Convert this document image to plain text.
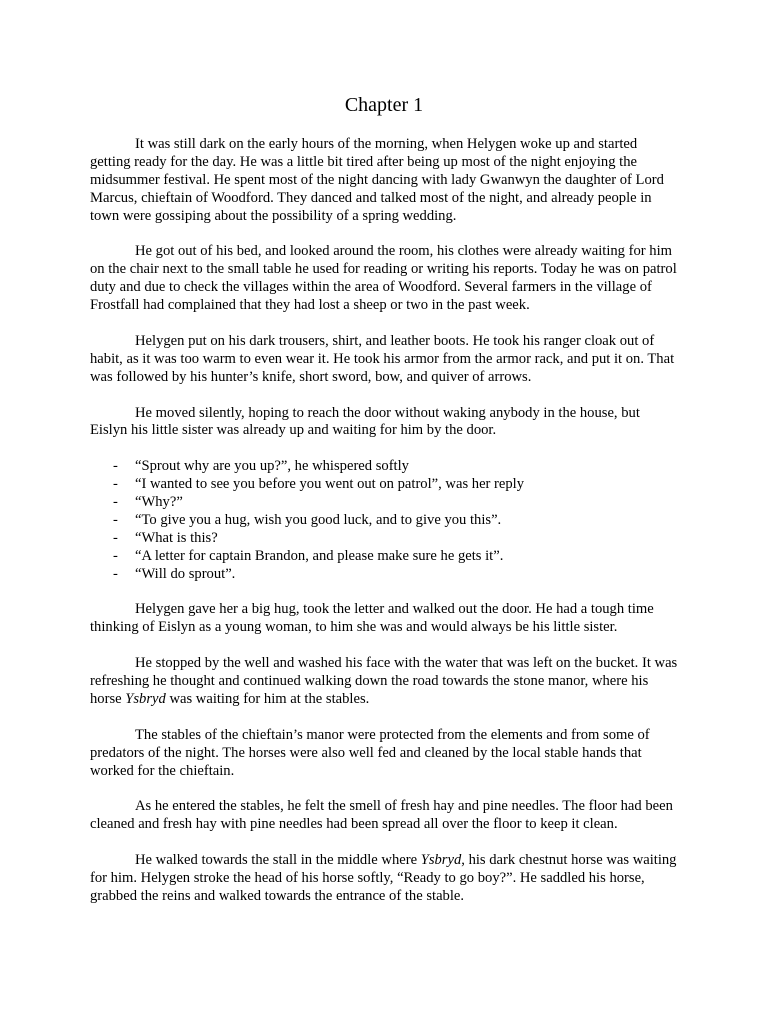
Chapter 1

It was still dark on the early hours of the morning, when Helygen woke up and started getting ready for the day. He was a little bit tired after being up most of the night enjoying the midsummer festival. He spent most of the night dancing with lady Gwanwyn the daughter of Lord Marcus, chieftain of Woodford. They danced and talked most of the night, and already people in town were gossiping about the possibility of a spring wedding.

He got out of his bed, and looked around the room, his clothes were already waiting for him on the chair next to the small table he used for reading or writing his reports. Today he was on patrol duty and due to check the villages within the area of Woodford. Several farmers in the village of Frostfall had complained that they had lost a sheep or two in the past week.

Helygen put on his dark trousers, shirt, and leather boots. He took his ranger cloak out of habit, as it was too warm to even wear it. He took his armor from the armor rack, and put it on. That was followed by his hunter’s knife, short sword, bow, and quiver of arrows.

He moved silently, hoping to reach the door without waking anybody in the house, but Eislyn his little sister was already up and waiting for him by the door.

- “Sprout why are you up?”, he whispered softly
- “I wanted to see you before you went out on patrol”, was her reply
- “Why?”
- “To give you a hug, wish you good luck, and to give you this”.
- “What is this?
- “A letter for captain Brandon, and please make sure he gets it”.
- “Will do sprout”.

Helygen gave her a big hug, took the letter and walked out the door. He had a tough time thinking of Eislyn as a young woman, to him she was and would always be his little sister.

He stopped by the well and washed his face with the water that was left on the bucket. It was refreshing he thought and continued walking down the road towards the stone manor, where his horse Ysbryd was waiting for him at the stables.

The stables of the chieftain’s manor were protected from the elements and from some of predators of the night. The horses were also well fed and cleaned by the local stable hands that worked for the chieftain.

As he entered the stables, he felt the smell of fresh hay and pine needles. The floor had been cleaned and fresh hay with pine needles had been spread all over the floor to keep it clean.

He walked towards the stall in the middle where Ysbryd, his dark chestnut horse was waiting for him. Helygen stroke the head of his horse softly, “Ready to go boy?”. He saddled his horse, grabbed the reins and walked towards the entrance of the stable.
